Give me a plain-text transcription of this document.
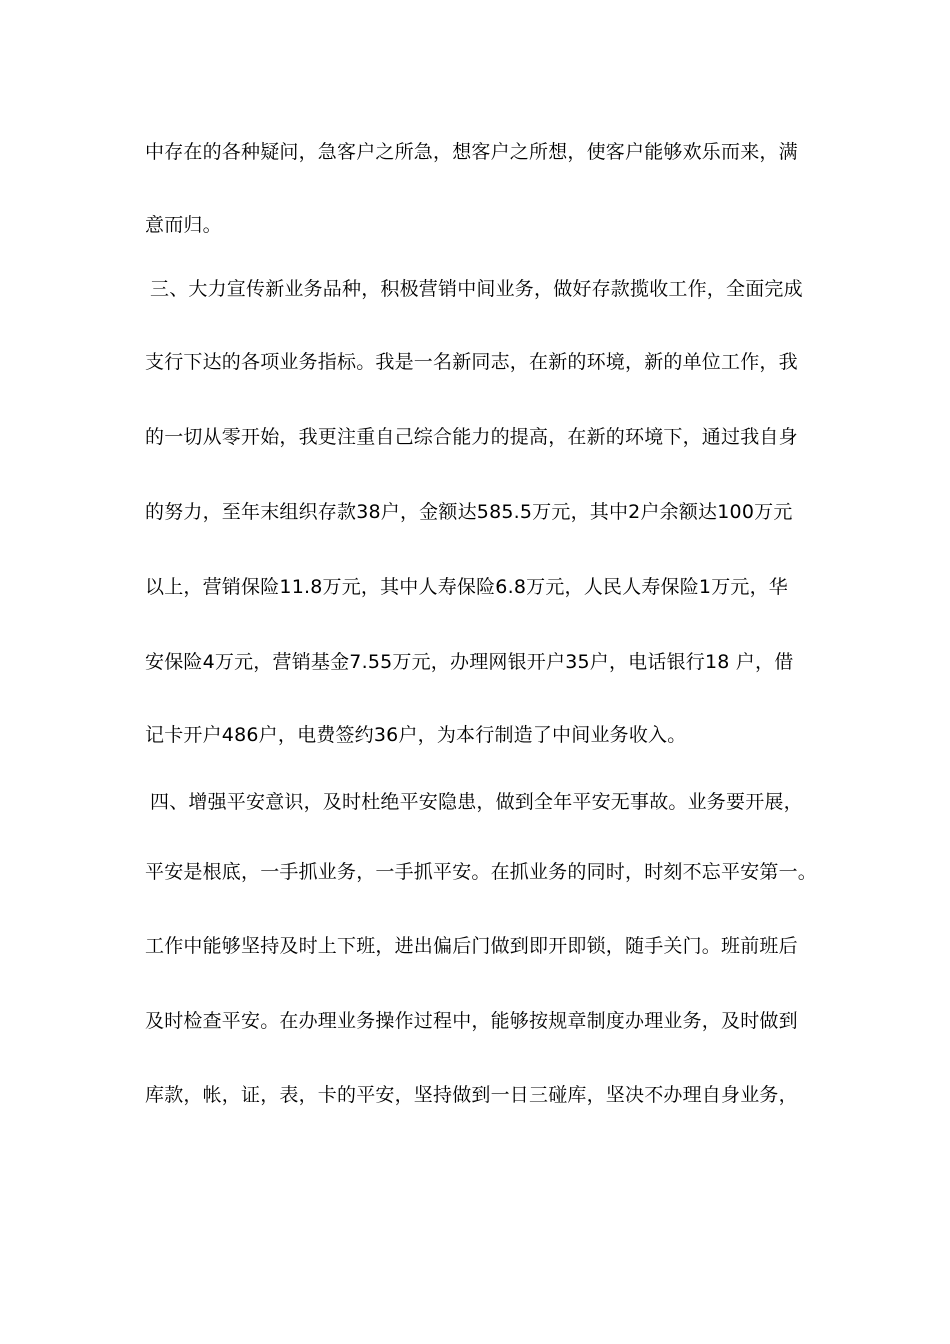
中存在的各种疑问，急客户之所急，想客户之所想，使客户能够欢乐而来，满
意而归。
三、大力宣传新业务品种，积极营销中间业务，做好存款揽收工作，全面完成
支行下达的各项业务指标。我是一名新同志，在新的环境，新的单位工作，我
的一切从零开始，我更注重自己综合能力的提高，在新的环境下，通过我自身
的努力，至年末组织存款38户，金额达585.5万元，其中2户余额达100万元
以上，营销保险11.8万元，其中人寿保险6.8万元，人民人寿保险1万元，华
安保险4万元，营销基金7.55万元，办理网银开户35户，电话银行18 户，借
记卡开户486户，电费签约36户，为本行制造了中间业务收入。
四、增强平安意识，及时杜绝平安隐患，做到全年平安无事故。业务要开展，
平安是根底，一手抓业务，一手抓平安。在抓业务的同时，时刻不忘平安第一。
工作中能够坚持及时上下班，进出偏后门做到即开即锁，随手关门。班前班后
及时检查平安。在办理业务操作过程中，能够按规章制度办理业务，及时做到
库款，帐，证，表，卡的平安，坚持做到一日三碰库，坚决不办理自身业务，
